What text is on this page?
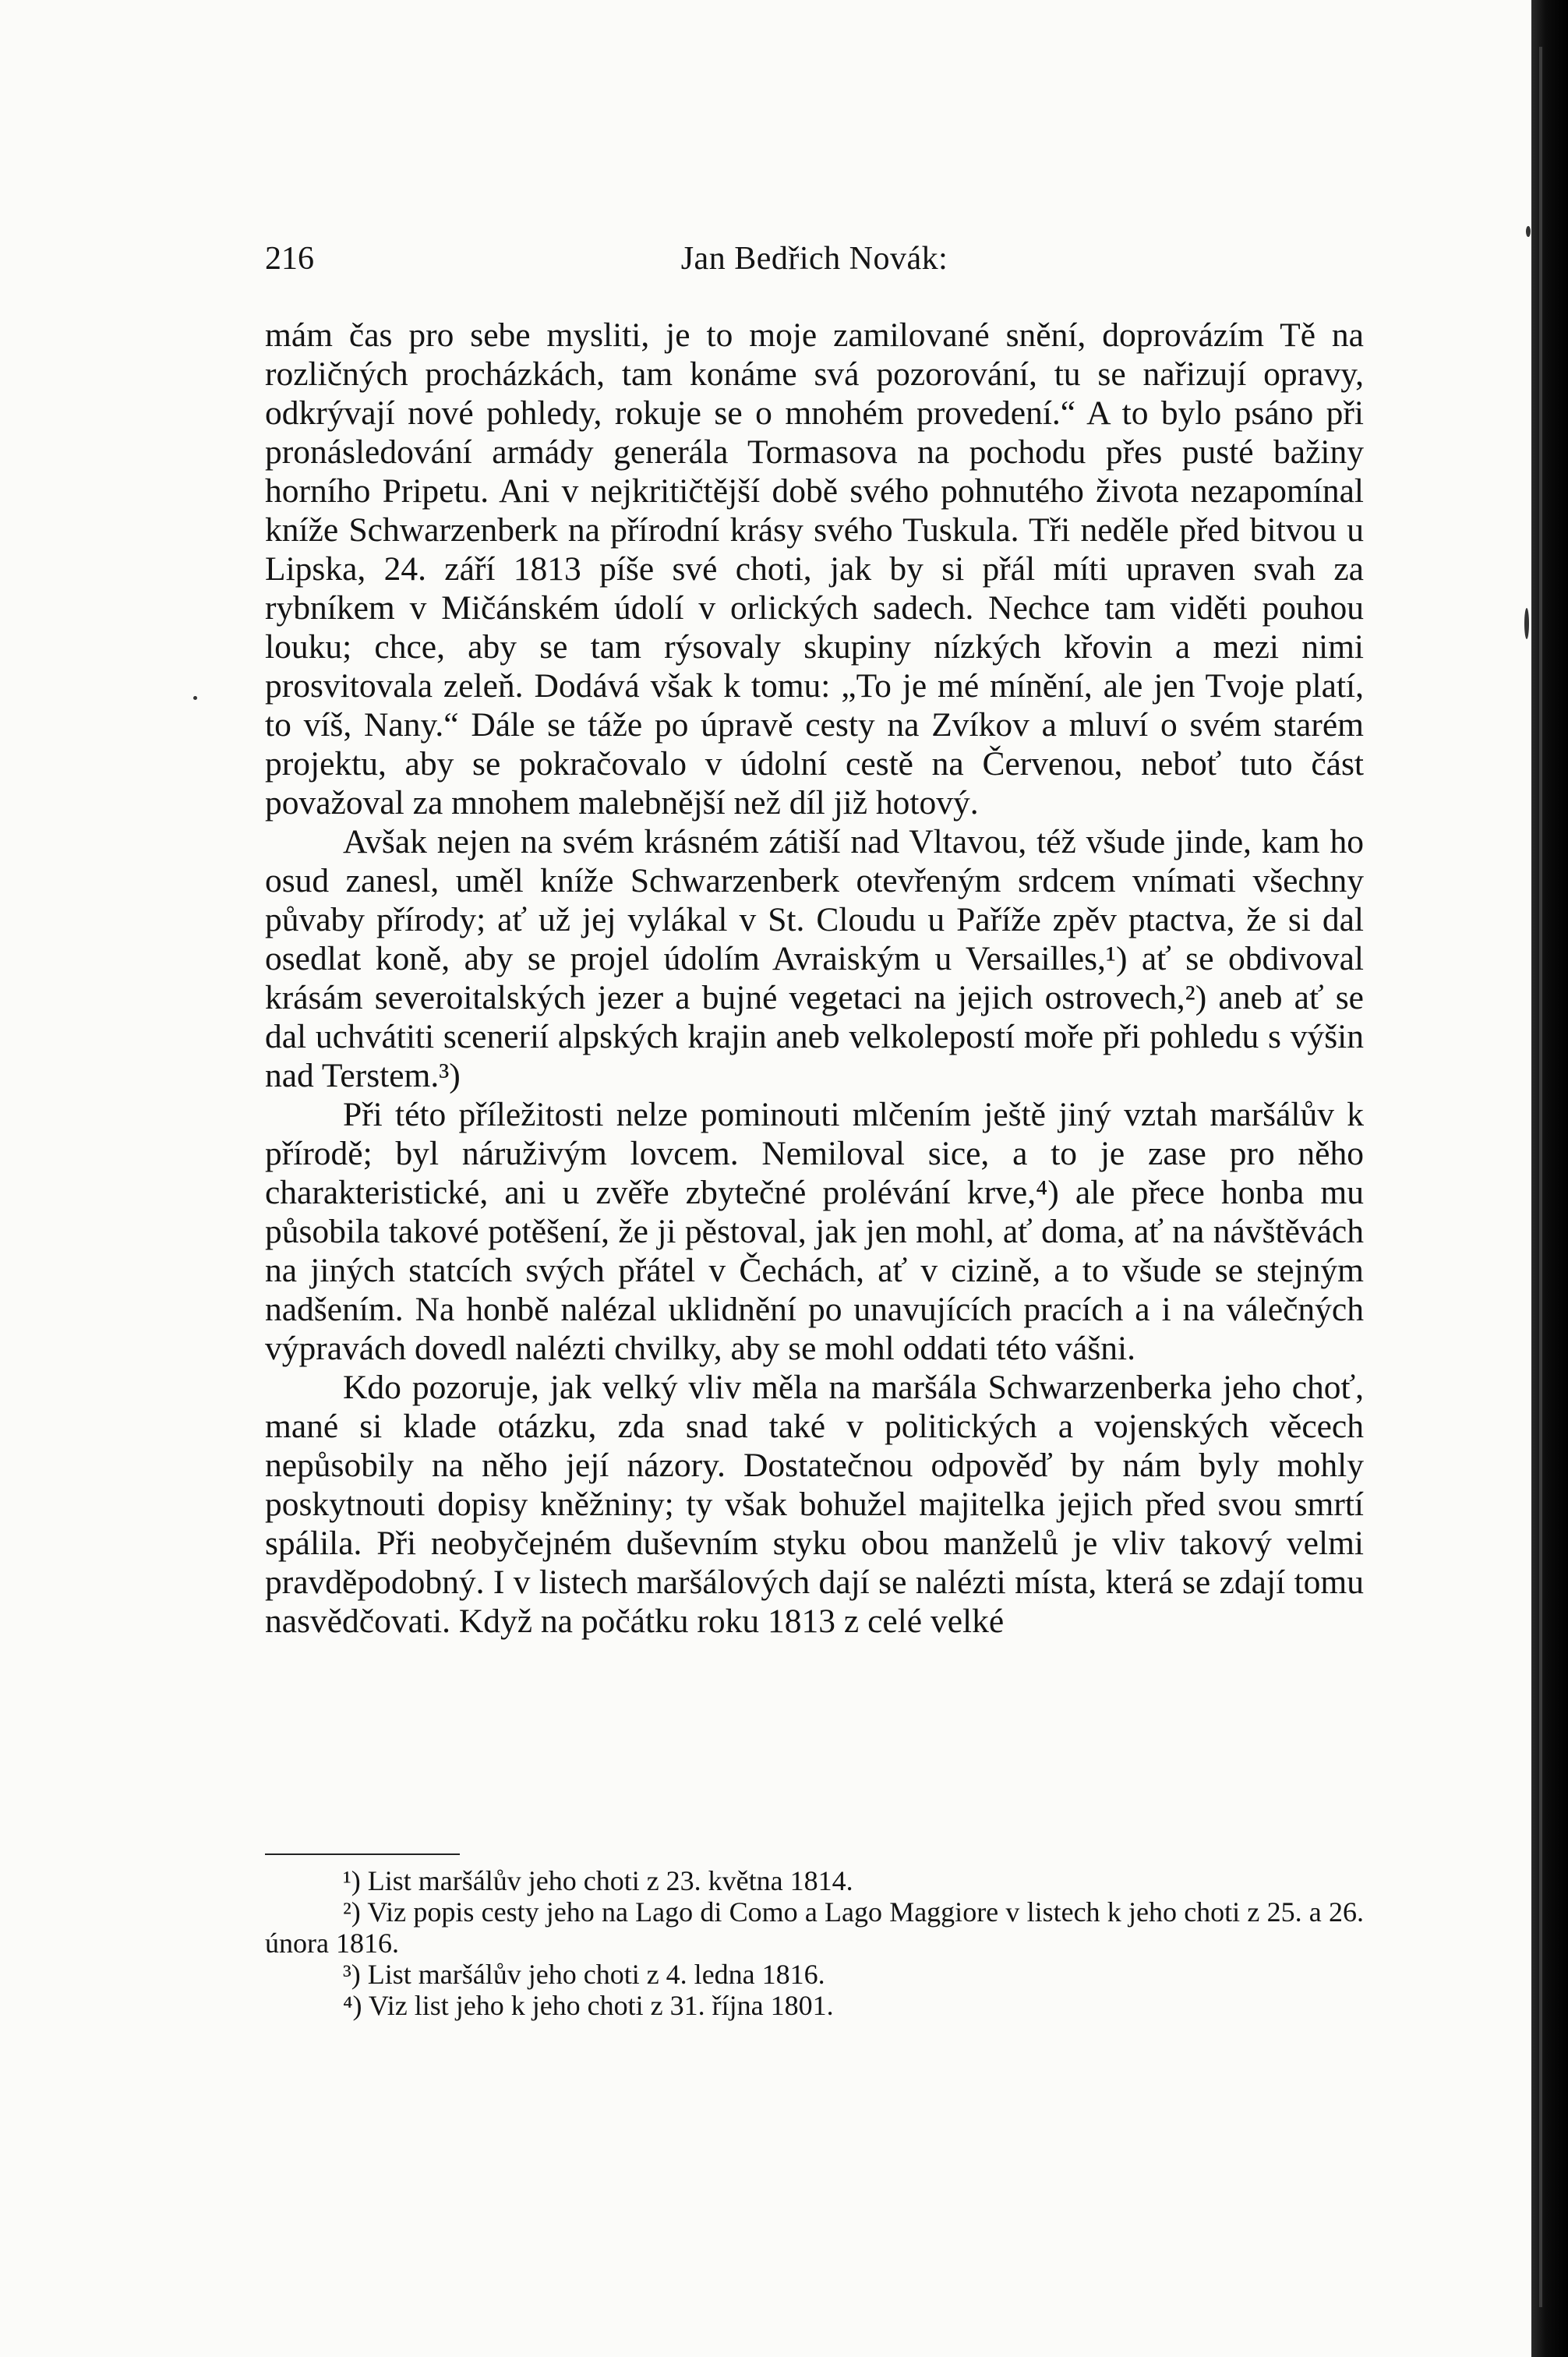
216	Jan Bedřich Novák:

mám čas pro sebe mysliti, je to moje zamilované snění, doprovázím Tě na rozličných procházkách, tam konáme svá pozorování, tu se nařizují opravy, odkrývají nové pohledy, rokuje se o mnohém provedení.“ A to bylo psáno při pronásledování armády generála Tormasova na pochodu přes pusté bažiny horního Pripetu. Ani v nejkritičtější době svého pohnutého života nezapomínal kníže Schwarzenberk na přírodní krásy svého Tuskula. Tři neděle před bitvou u Lipska, 24. září 1813 píše své choti, jak by si přál míti upraven svah za rybníkem v Mičánském údolí v orlických sadech. Nechce tam viděti pouhou louku; chce, aby se tam rýsovaly skupiny nízkých křovin a mezi nimi prosvitovala zeleň. Dodává však k tomu: „To je mé mínění, ale jen Tvoje platí, to víš, Nany.“ Dále se táže po úpravě cesty na Zvíkov a mluví o svém starém projektu, aby se pokračovalo v údolní cestě na Červenou, neboť tuto část považoval za mnohem malebnější než díl již hotový.

Avšak nejen na svém krásném zátiší nad Vltavou, též všude jinde, kam ho osud zanesl, uměl kníže Schwarzenberk otevřeným srdcem vnímati všechny půvaby přírody; ať už jej vylákal v St. Cloudu u Paříže zpěv ptactva, že si dal osedlat koně, aby se projel údolím Avraiským u Versailles,¹) ať se obdivoval krásám severoitalských jezer a bujné vegetaci na jejich ostrovech,²) aneb ať se dal uchvátiti scenerií alpských krajin aneb velkolepostí moře při pohledu s výšin nad Terstem.³)

Při této příležitosti nelze pominouti mlčením ještě jiný vztah maršálův k přírodě; byl náruživým lovcem. Nemiloval sice, a to je zase pro něho charakteristické, ani u zvěře zbytečné prolévání krve,⁴) ale přece honba mu působila takové potěšení, že ji pěstoval, jak jen mohl, ať doma, ať na návštěvách na jiných statcích svých přátel v Čechách, ať v cizině, a to všude se stejným nadšením. Na honbě nalézal uklidnění po unavujících pracích a i na válečných výpravách dovedl nalézti chvilky, aby se mohl oddati této vášni.

Kdo pozoruje, jak velký vliv měla na maršála Schwarzenberka jeho choť, mané si klade otázku, zda snad také v politických a vojenských věcech nepůsobily na něho její názory. Dostatečnou odpověď by nám byly mohly poskytnouti dopisy kněžniny; ty však bohužel majitelka jejich před svou smrtí spálila. Při neobyčejném duševním styku obou manželů je vliv takový velmi pravděpodobný. I v listech maršálových dají se nalézti místa, která se zdají tomu nasvědčovati. Když na počátku roku 1813 z celé velké

¹) List maršálův jeho choti z 23. května 1814.

²) Viz popis cesty jeho na Lago di Como a Lago Maggiore v listech k jeho choti z 25. a 26. února 1816.

³) List maršálův jeho choti z 4. ledna 1816.

⁴) Viz list jeho k jeho choti z 31. října 1801.
